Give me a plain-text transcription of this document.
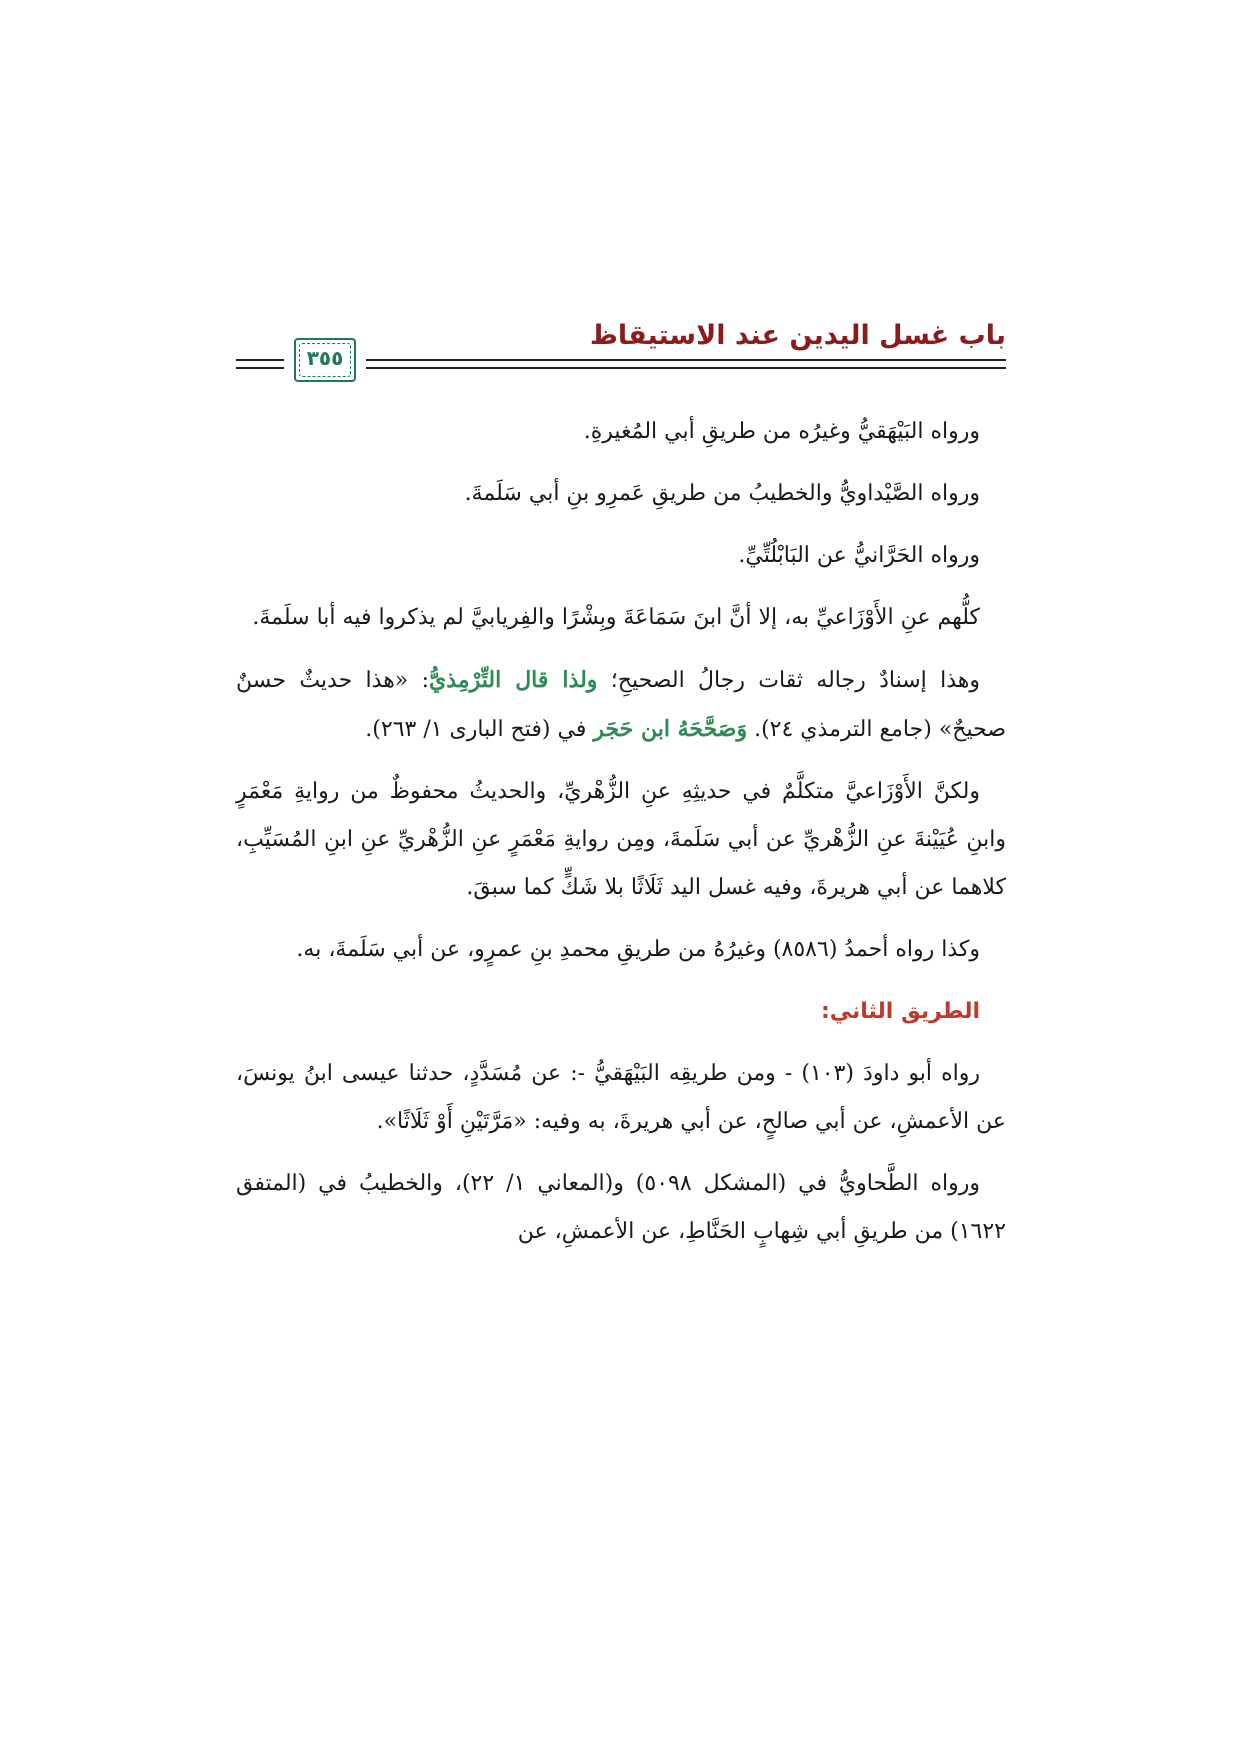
باب غسل اليدين عند الاستيقاظ
٣٥٥

ورواه البَيْهَقيُّ وغيرُه من طريقِ أبي المُغيرةِ.

ورواه الصَّيْداويُّ والخطيبُ من طريقِ عَمرِو بنِ أبي سَلَمةَ.

ورواه الحَرَّانيُّ عن البَابْلُتِّيِّ.

كلُّهم عنِ الأَوْزَاعيِّ به، إلا أنَّ ابنَ سَمَاعَةَ وبِشْرًا والفِريابيَّ لم يذكروا فيه أبا سلَمةَ.

وهذا إسنادٌ رجاله ثقات رجالُ الصحيحِ؛ ولذا قال التِّرْمِذيُّ: «هذا حديثٌ حسنٌ صحيحٌ» (جامع الترمذي ٢٤). وَصَحَّحَهُ ابن حَجَر في (فتح البارى ١/ ٢٦٣).

ولكنَّ الأَوْزَاعيَّ متكلَّمٌ في حديثِهِ عنِ الزُّهْريِّ، والحديثُ محفوظٌ من روايةِ مَعْمَرٍ وابنِ عُيَيْنةَ عنِ الزُّهْريِّ عن أبي سَلَمةَ، ومِن روايةِ مَعْمَرٍ عنِ الزُّهْريِّ عنِ ابنِ المُسَيِّبِ، كلاهما عن أبي هريرةَ، وفيه غسل اليد ثَلَاثًا بلا شَكٍّ كما سبقَ.

وكذا رواه أحمدُ (٨٥٨٦) وغيرُهُ من طريقِ محمدِ بنِ عمرٍو، عن أبي سَلَمةَ، به.

الطريق الثاني:

رواه أبو داودَ (١٠٣) - ومن طريقِه البَيْهَقيُّ -: عن مُسَدَّدٍ، حدثنا عيسى ابنُ يونسَ، عن الأعمشِ، عن أبي صالحٍ، عن أبي هريرةَ، به وفيه: «مَرَّتَيْنِ أَوْ ثَلَاثًا».

ورواه الطَّحاويُّ في (المشكل ٥٠٩٨) و(المعاني ١/ ٢٢)، والخطيبُ في (المتفق ١٦٢٢) من طريقِ أبي شِهابٍ الحَنَّاطِ، عن الأعمشِ، عن
